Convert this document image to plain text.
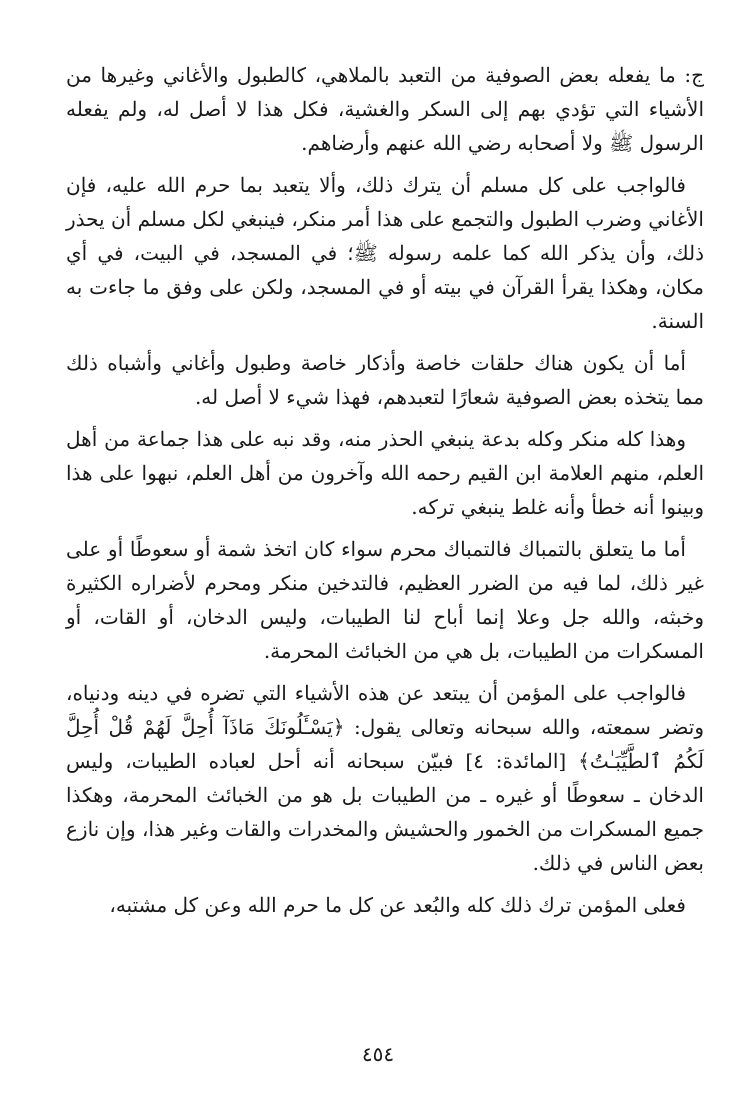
ج: ما يفعله بعض الصوفية من التعبد بالملاهي، كالطبول والأغاني وغيرها من الأشياء التي تؤدي بهم إلى السكر والغشية، فكل هذا لا أصل له، ولم يفعله الرسول ﷺ ولا أصحابه رضي الله عنهم وأرضاهم.

فالواجب على كل مسلم أن يترك ذلك، وألا يتعبد بما حرم الله عليه، فإن الأغاني وضرب الطبول والتجمع على هذا أمر منكر، فينبغي لكل مسلم أن يحذر ذلك، وأن يذكر الله كما علمه رسوله ﷺ؛ في المسجد، في البيت، في أي مكان، وهكذا يقرأ القرآن في بيته أو في المسجد، ولكن على وفق ما جاءت به السنة.

أما أن يكون هناك حلقات خاصة وأذكار خاصة وطبول وأغاني وأشباه ذلك مما يتخذه بعض الصوفية شعارًا لتعبدهم، فهذا شيء لا أصل له.

وهذا كله منكر وكله بدعة ينبغي الحذر منه، وقد نبه على هذا جماعة من أهل العلم، منهم العلامة ابن القيم رحمه الله وآخرون من أهل العلم، نبهوا على هذا وبينوا أنه خطأ وأنه غلط ينبغي تركه.

أما ما يتعلق بالتمباك فالتمباك محرم سواء كان اتخذ شمة أو سعوطًا أو على غير ذلك، لما فيه من الضرر العظيم، فالتدخين منكر ومحرم لأضراره الكثيرة وخبثه، والله جل وعلا إنما أباح لنا الطيبات، وليس الدخان، أو القات، أو المسكرات من الطيبات، بل هي من الخبائث المحرمة.

فالواجب على المؤمن أن يبتعد عن هذه الأشياء التي تضره في دينه ودنياه، وتضر سمعته، والله سبحانه وتعالى يقول: ﴿يَسْـَٔلُونَكَ مَاذَآ أُحِلَّ لَهُمْ قُلْ أُحِلَّ لَكُمُ ٱلطَّيِّبَـٰتُ﴾ [المائدة: ٤] فبيّن سبحانه أنه أحل لعباده الطيبات، وليس الدخان ـ سعوطًا أو غيره ـ من الطيبات بل هو من الخبائث المحرمة، وهكذا جميع المسكرات من الخمور والحشيش والمخدرات والقات وغير هذا، وإن نازع بعض الناس في ذلك.

فعلى المؤمن ترك ذلك كله والبُعد عن كل ما حرم الله وعن كل مشتبه،

٤٥٤
